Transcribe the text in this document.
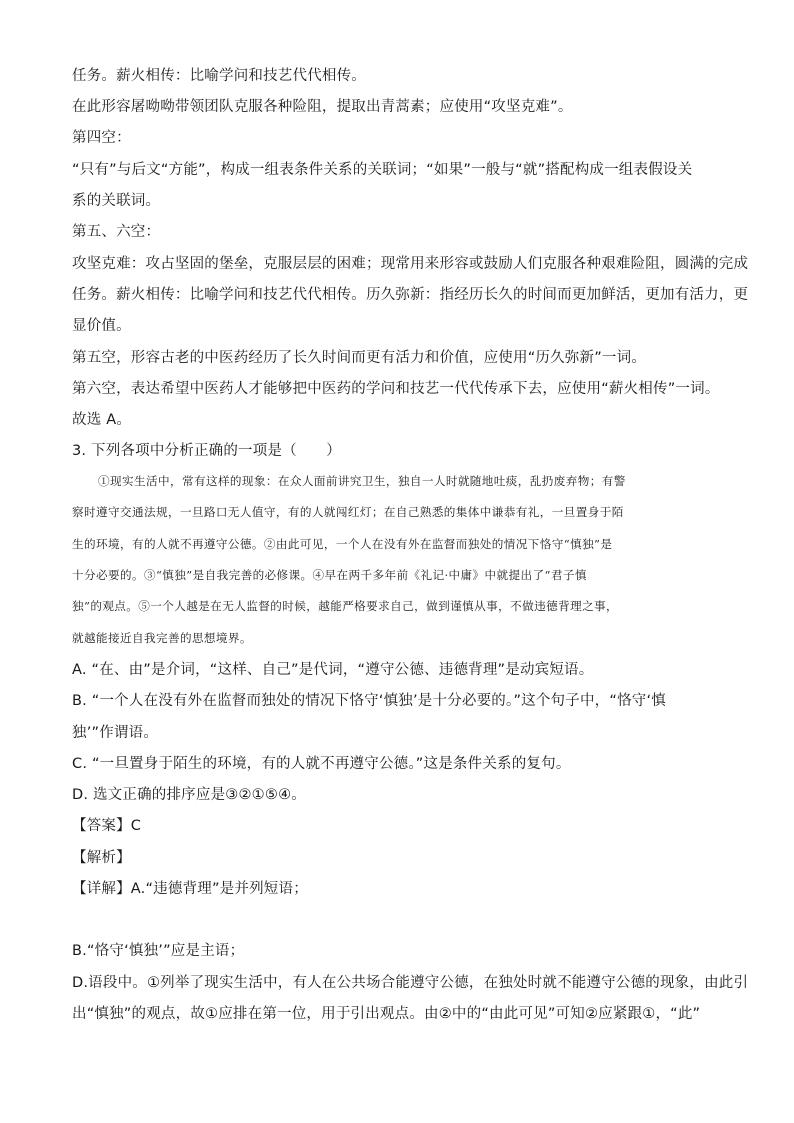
任务。薪火相传：比喻学问和技艺代代相传。
在此形容屠呦呦带领团队克服各种险阻，提取出青蒿素；应使用“攻坚克难”。
第四空：
“只有”与后文“方能”，构成一组表条件关系的关联词；“如果”一般与“就”搭配构成一组表假设关
系的关联词。
第五、六空：
攻坚克难：攻占坚固的堡垒，克服层层的困难；现常用来形容或鼓励人们克服各种艰难险阻，圆满的完成
任务。薪火相传：比喻学问和技艺代代相传。历久弥新：指经历长久的时间而更加鲜活，更加有活力，更
显价值。
第五空，形容古老的中医药经历了长久时间而更有活力和价值，应使用“历久弥新”一词。
第六空，表达希望中医药人才能够把中医药的学问和技艺一代代传承下去，应使用“薪火相传”一词。
故选 A。
3. 下列各项中分析正确的一项是（　　）
①现实生活中，常有这样的现象：在众人面前讲究卫生，独自一人时就随地吐痰，乱扔废弃物；有警
察时遵守交通法规，一旦路口无人值守，有的人就闯红灯；在自己熟悉的集体中谦恭有礼，一旦置身于陌
生的环境，有的人就不再遵守公德。②由此可见，一个人在没有外在监督而独处的情况下恪守“慎独”是
十分必要的。③“慎独”是自我完善的必修课。④早在两千多年前《礼记·中庸》中就提出了“君子慎
独”的观点。⑤一个人越是在无人监督的时候，越能严格要求自己，做到谨慎从事，不做违德背理之事，
就越能接近自我完善的思想境界。
A. “在、由”是介词，“这样、自己”是代词，“遵守公德、违德背理”是动宾短语。
B. “一个人在没有外在监督而独处的情况下恪守‘慎独’是十分必要的。”这个句子中，“恪守‘慎
独’”作谓语。
C. “一旦置身于陌生的环境，有的人就不再遵守公德。”这是条件关系的复句。
D. 选文正确的排序应是③②①⑤④。
【答案】C
【解析】
【详解】A.“违德背理”是并列短语；
B.“恪守‘慎独’”应是主语；
D.语段中。①列举了现实生活中，有人在公共场合能遵守公德，在独处时就不能遵守公德的现象，由此引
出“慎独”的观点，故①应排在第一位，用于引出观点。由②中的“由此可见”可知②应紧跟①，“此”
